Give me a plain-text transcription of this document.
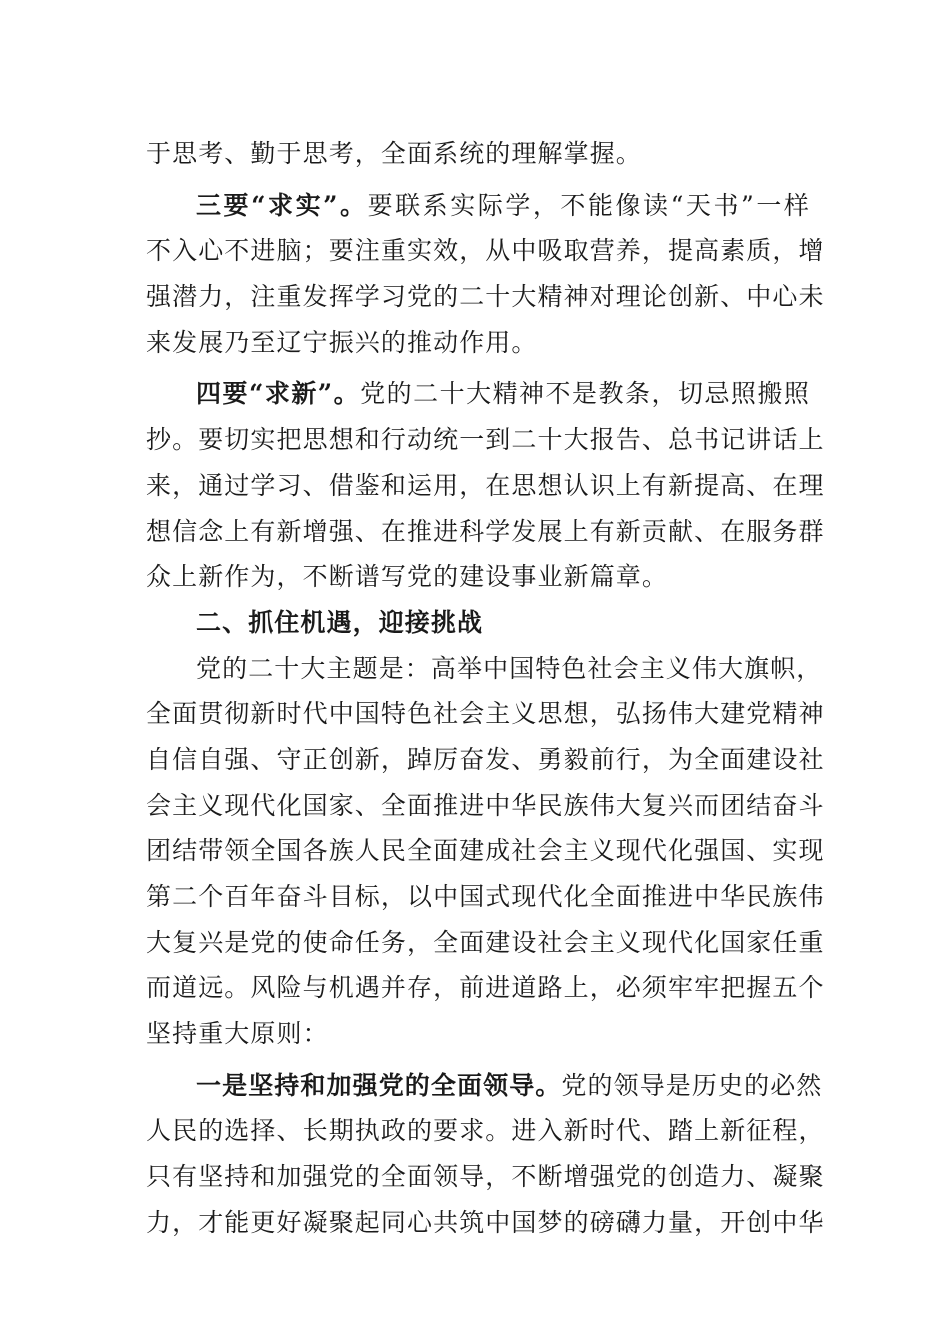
于思考、勤于思考，全面系统的理解掌握。
三要“求实”。要联系实际学，不能像读“天书”一样
不入心不进脑；要注重实效，从中吸取营养，提高素质，增
强潜力，注重发挥学习党的二十大精神对理论创新、中心未
来发展乃至辽宁振兴的推动作用。
四要“求新”。党的二十大精神不是教条，切忌照搬照
抄。要切实把思想和行动统一到二十大报告、总书记讲话上
来，通过学习、借鉴和运用，在思想认识上有新提高、在理
想信念上有新增强、在推进科学发展上有新贡献、在服务群
众上新作为，不断谱写党的建设事业新篇章。
二、抓住机遇，迎接挑战
党的二十大主题是：高举中国特色社会主义伟大旗帜，
全面贯彻新时代中国特色社会主义思想，弘扬伟大建党精神
自信自强、守正创新，踔厉奋发、勇毅前行，为全面建设社
会主义现代化国家、全面推进中华民族伟大复兴而团结奋斗
团结带领全国各族人民全面建成社会主义现代化强国、实现
第二个百年奋斗目标，以中国式现代化全面推进中华民族伟
大复兴是党的使命任务，全面建设社会主义现代化国家任重
而道远。风险与机遇并存，前进道路上，必须牢牢把握五个
坚持重大原则：
一是坚持和加强党的全面领导。党的领导是历史的必然
人民的选择、长期执政的要求。进入新时代、踏上新征程，
只有坚持和加强党的全面领导，不断增强党的创造力、凝聚
力，才能更好凝聚起同心共筑中国梦的磅礴力量，开创中华
